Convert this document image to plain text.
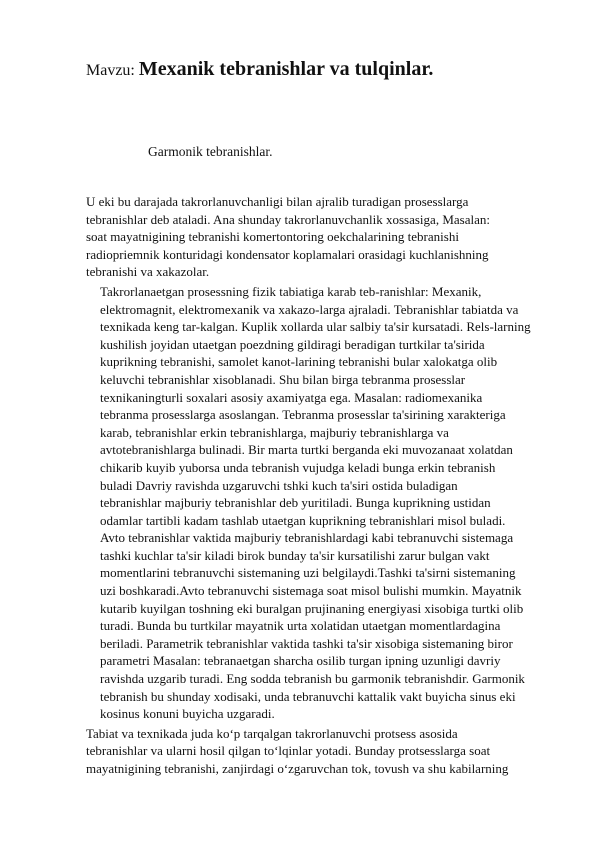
Mavzu: Mexanik tebranishlar va tulqinlar.
Garmonik tebranishlar.

U eki bu darajada takrorlanuvchanligi bilan ajralib turadigan prosesslarga
tebranishlar deb ataladi. Ana shunday takrorlanuvchanlik xossasiga, Masalan:
soat mayatnigining tebranishi komertontoring oekchalarining tebranishi
radiopriemnik konturidagi kondensator koplamalari orasidagi kuchlanishning
tebranishi va xakazolar.

Takrorlanaetgan prosessning fizik tabiatiga karab teb-ranishlar: Mexanik,
elektromagnit, elektromexanik va xakazo-larga ajraladi. Tebranishlar tabiatda va
texnikada keng tar-kalgan. Kuplik xollarda ular salbiy ta'sir kursatadi. Rels-larning
kushilish joyidan utaetgan poezdning gildiragi beradigan turtkilar ta'sirida
kuprikning tebranishi, samolet kanot-larining tebranishi bular xalokatga olib
keluvchi tebranishlar xisoblanadi. Shu bilan birga tebranma prosesslar
texnikaningturli soxalari asosiy axamiyatga ega. Masalan: radiomexanika
tebranma prosesslarga asoslangan. Tebranma prosesslar ta'sirining xarakteriga
karab, tebranishlar erkin tebranishlarga, majburiy tebranishlarga va
avtotebranishlarga bulinadi. Bir marta turtki berganda eki muvozanaat xolatdan
chikarib kuyib yuborsa unda tebranish vujudga keladi bunga erkin tebranish
buladi Davriy ravishda uzgaruvchi tshki kuch ta'siri ostida buladigan
tebranishlar majburiy tebranishlar deb yuritiladi. Bunga kuprikning ustidan
odamlar tartibli kadam tashlab utaetgan kuprikning tebranishlari misol buladi.
Avto tebranishlar vaktida majburiy tebranishlardagi kabi tebranuvchi sistemaga
tashki kuchlar ta'sir kiladi birok bunday ta'sir kursatilishi zarur bulgan vakt
momentlarini tebranuvchi sistemaning uzi belgilaydi.Tashki ta'sirni sistemaning
uzi boshkaradi.Avto tebranuvchi sistemaga soat misol bulishi mumkin. Mayatnik
kutarib kuyilgan toshning eki buralgan prujinaning energiyasi xisobiga turtki olib
turadi. Bunda bu turtkilar mayatnik urta xolatidan utaetgan momentlardagina
beriladi. Parametrik tebranishlar vaktida tashki ta'sir xisobiga sistemaning biror
parametri Masalan: tebranaetgan sharcha osilib turgan ipning uzunligi davriy
ravishda uzgarib turadi. Eng sodda tebranish bu garmonik tebranishdir. Garmonik
tebranish bu shunday xodisaki, unda tebranuvchi kattalik vakt buyicha sinus eki
kosinus konuni buyicha uzgaradi.

Tabiat va texnikada juda ko‘p tarqalgan takrorlanuvchi protsess asosida
tebranishlar va ularni hosil qilgan to‘lqinlar yotadi. Bunday protsesslarga soat
mayatnigining tebranishi, zanjirdagi o‘zgaruvchan tok, tovush va shu kabilarning
